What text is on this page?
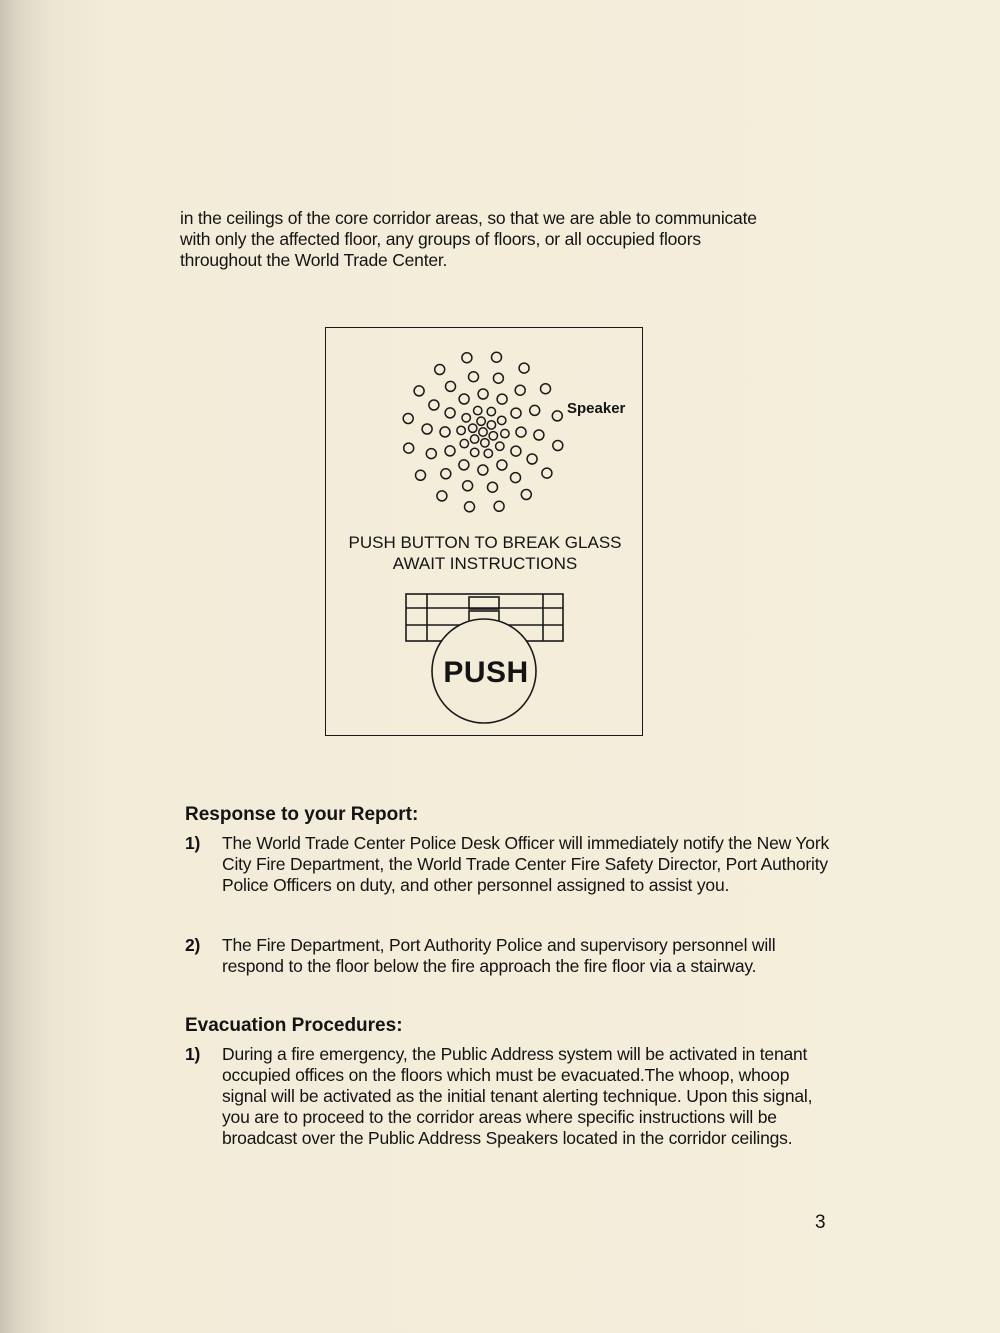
in the ceilings of the core corridor areas, so that we are able to communicate with only the affected floor, any groups of floors, or all occupied floors throughout the World Trade Center.
Speaker
PUSH BUTTON TO BREAK GLASS
AWAIT INSTRUCTIONS
PUSH
Response to your Report:
1) The World Trade Center Police Desk Officer will immediately notify the New York City Fire Department, the World Trade Center Fire Safety Director, Port Authority Police Officers on duty, and other personnel assigned to assist you.
2) The Fire Department, Port Authority Police and supervisory personnel will respond to the floor below the fire approach the fire floor via a stairway.
Evacuation Procedures:
1) During a fire emergency, the Public Address system will be activated in tenant occupied offices on the floors which must be evacuated.The whoop, whoop signal will be activated as the initial tenant alerting technique. Upon this signal, you are to proceed to the corridor areas where specific instructions will be broadcast over the Public Address Speakers located in the corridor ceilings.
3
